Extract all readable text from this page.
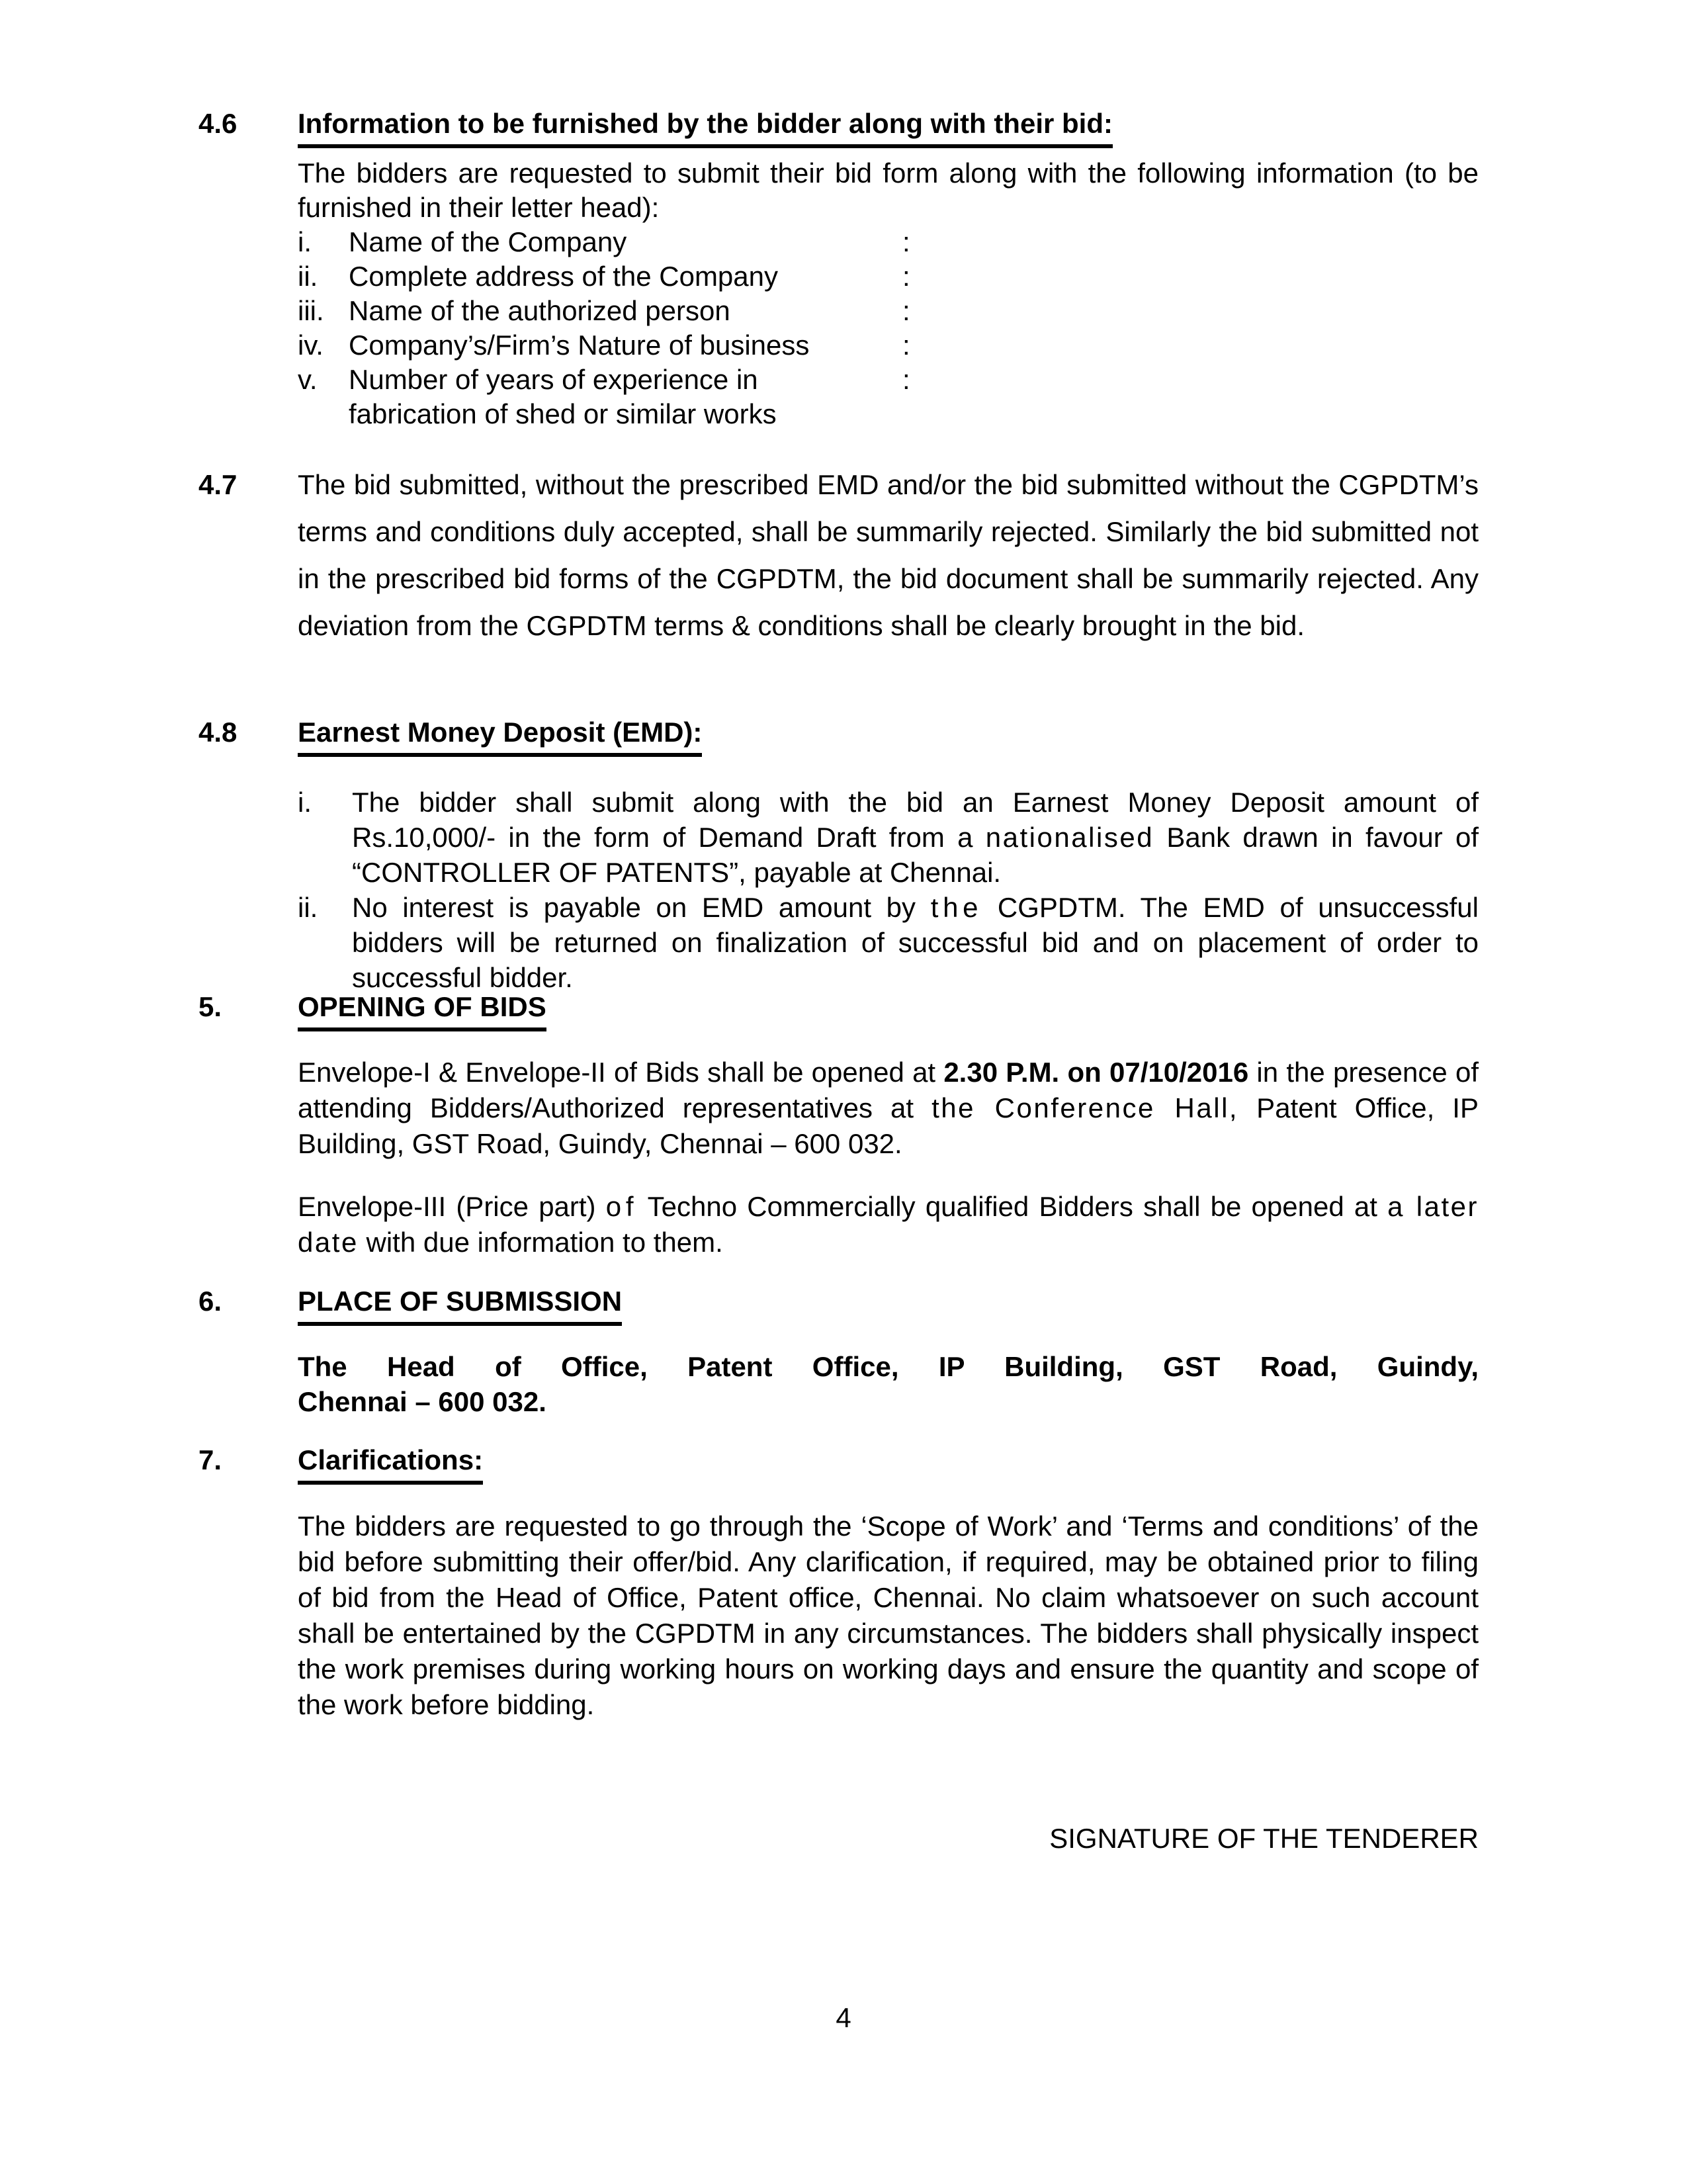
4.6 Information to be furnished by the bidder along with their bid:
The bidders are requested to submit their bid form along with the following information (to be furnished in their letter head):
i. Name of the Company	:
ii. Complete address of the Company	:
iii. Name of the authorized person	:
iv. Company’s/Firm’s Nature of business	:
v. Number of years of experience in	:
fabrication of shed or similar works
4.7 The bid submitted, without the prescribed EMD and/or the bid submitted without the CGPDTM’s terms and conditions duly accepted, shall be summarily rejected. Similarly the bid submitted not in the prescribed bid forms of the CGPDTM, the bid document shall be summarily rejected. Any deviation from the CGPDTM terms & conditions shall be clearly brought in the bid.
4.8 Earnest Money Deposit (EMD):
i. The bidder shall submit along with the bid an Earnest Money Deposit amount of Rs.10,000/- in the form of Demand Draft from a nationalised Bank drawn in favour of “CONTROLLER OF PATENTS”, payable at Chennai.
ii. No interest is payable on EMD amount by the CGPDTM. The EMD of unsuccessful bidders will be returned on finalization of successful bid and on placement of order to successful bidder.
5.	OPENING OF BIDS
Envelope-I & Envelope-II of Bids shall be opened at 2.30 P.M. on 07/10/2016 in the presence of attending Bidders/Authorized representatives at the Conference Hall, Patent Office, IP Building, GST Road, Guindy, Chennai – 600 032.
Envelope-III (Price part) of Techno Commercially qualified Bidders shall be opened at a later date with due information to them.
6.	PLACE OF SUBMISSION
The Head of Office, Patent Office, IP Building, GST Road, Guindy,
Chennai – 600 032.
7.	Clarifications:
The bidders are requested to go through the ‘Scope of Work’ and ‘Terms and conditions’ of the bid before submitting their offer/bid. Any clarification, if required, may be obtained prior to filing of bid from the Head of Office, Patent office, Chennai. No claim whatsoever on such account shall be entertained by the CGPDTM in any circumstances. The bidders shall physically inspect the work premises during working hours on working days and ensure the quantity and scope of the work before bidding.
SIGNATURE OF THE TENDERER
4
